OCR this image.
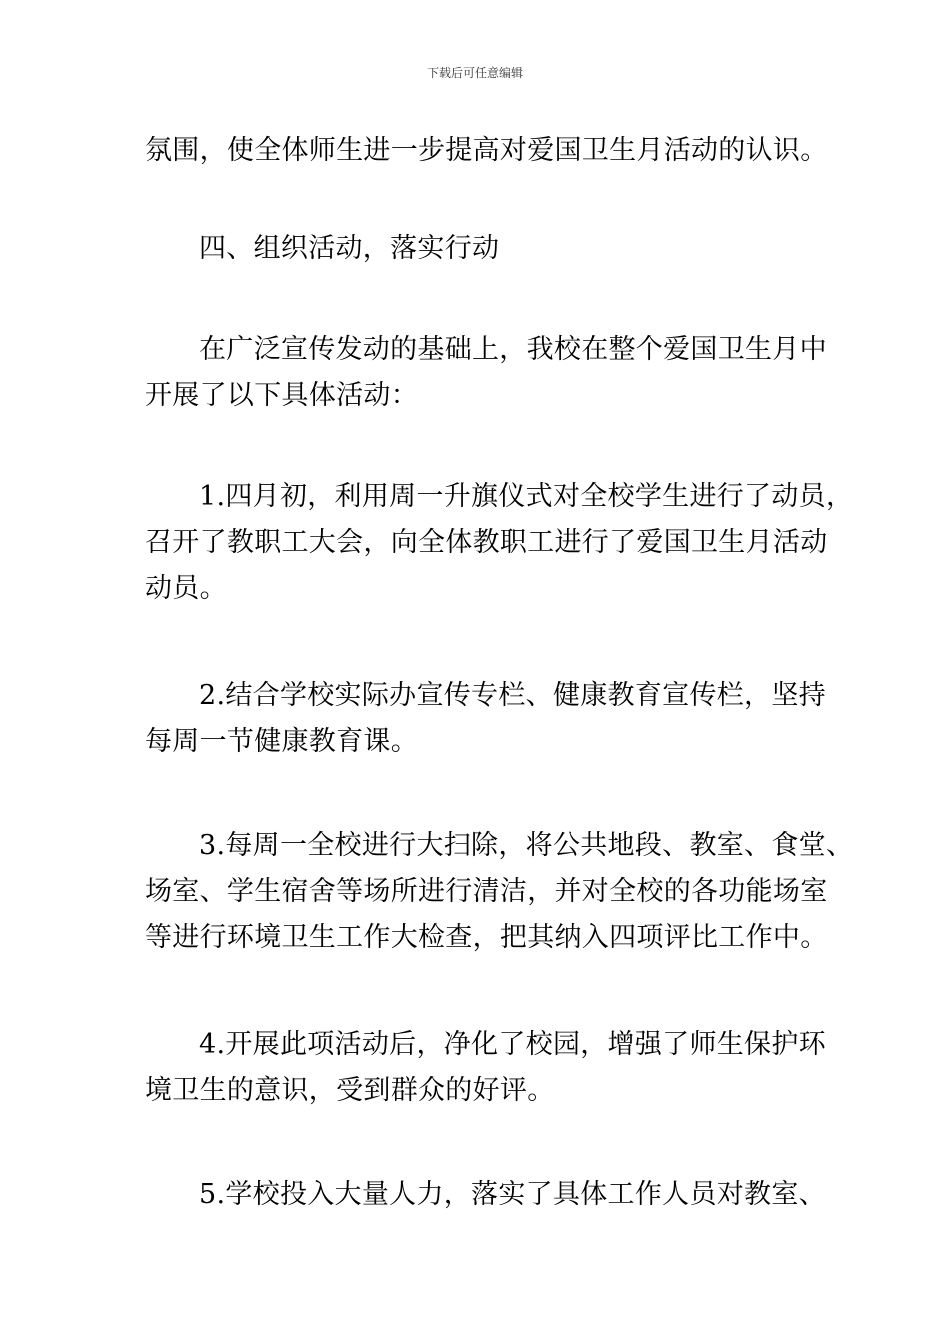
下载后可任意编辑

氛围，使全体师生进一步提高对爱国卫生月活动的认识。

四、组织活动，落实行动

在广泛宣传发动的基础上，我校在整个爱国卫生月中
开展了以下具体活动：

1.四月初，利用周一升旗仪式对全校学生进行了动员，
召开了教职工大会，向全体教职工进行了爱国卫生月活动
动员。

2.结合学校实际办宣传专栏、健康教育宣传栏，坚持
每周一节健康教育课。

3.每周一全校进行大扫除，将公共地段、教室、食堂、
场室、学生宿舍等场所进行清洁，并对全校的各功能场室
等进行环境卫生工作大检查，把其纳入四项评比工作中。

4.开展此项活动后，净化了校园，增强了师生保护环
境卫生的意识，受到群众的好评。

5.学校投入大量人力，落实了具体工作人员对教室、
